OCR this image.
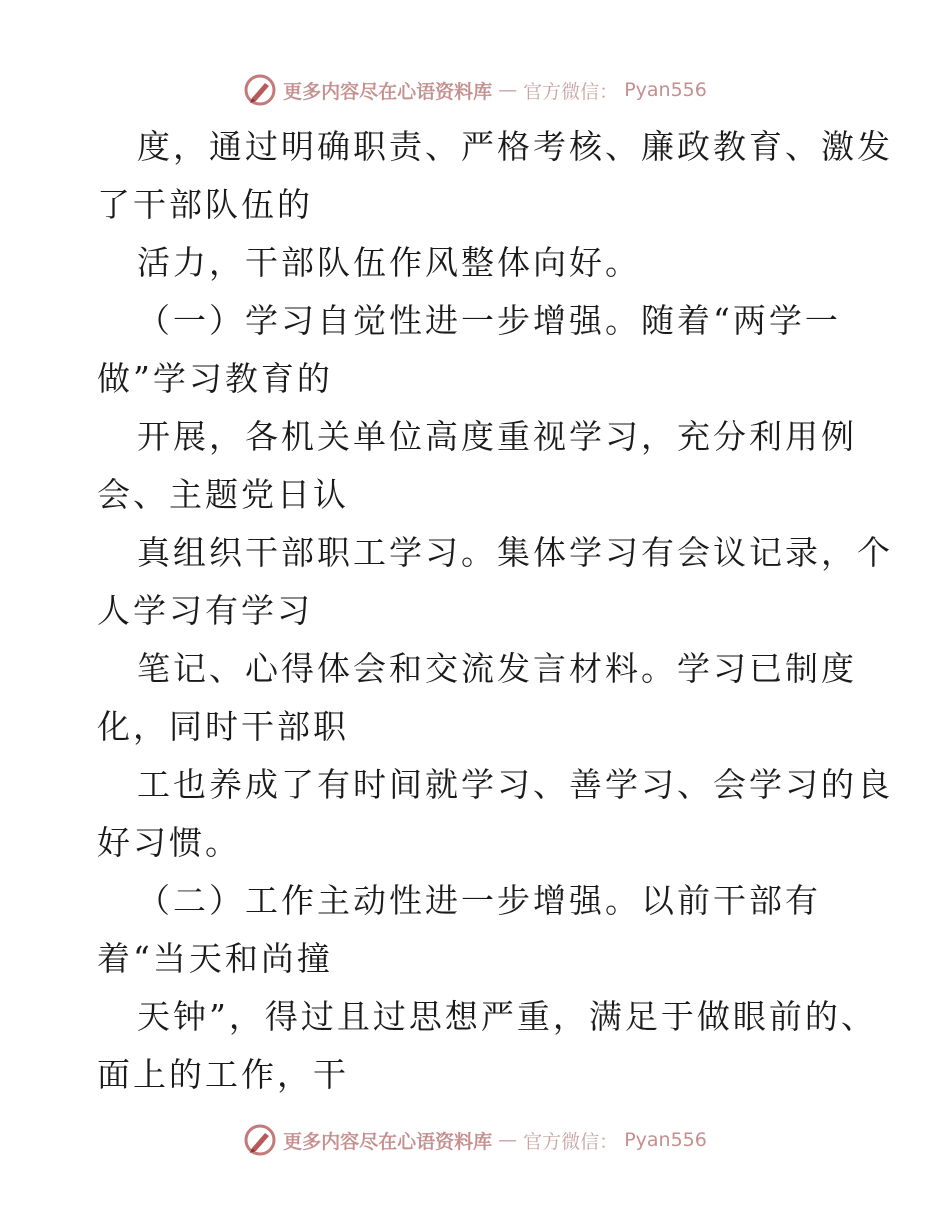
更多内容尽在心语资料库 — 官方微信： Pyan556
度，通过明确职责、严格考核、廉政教育、激发
了干部队伍的
活力，干部队伍作风整体向好。
（一）学习自觉性进一步增强。随着“两学一
做”学习教育的
开展，各机关单位高度重视学习，充分利用例
会、主题党日认
真组织干部职工学习。集体学习有会议记录，个
人学习有学习
笔记、心得体会和交流发言材料。学习已制度
化，同时干部职
工也养成了有时间就学习、善学习、会学习的良
好习惯。
（二）工作主动性进一步增强。以前干部有
着“当天和尚撞
天钟”，得过且过思想严重，满足于做眼前的、
面上的工作，干
更多内容尽在心语资料库 — 官方微信： Pyan556
